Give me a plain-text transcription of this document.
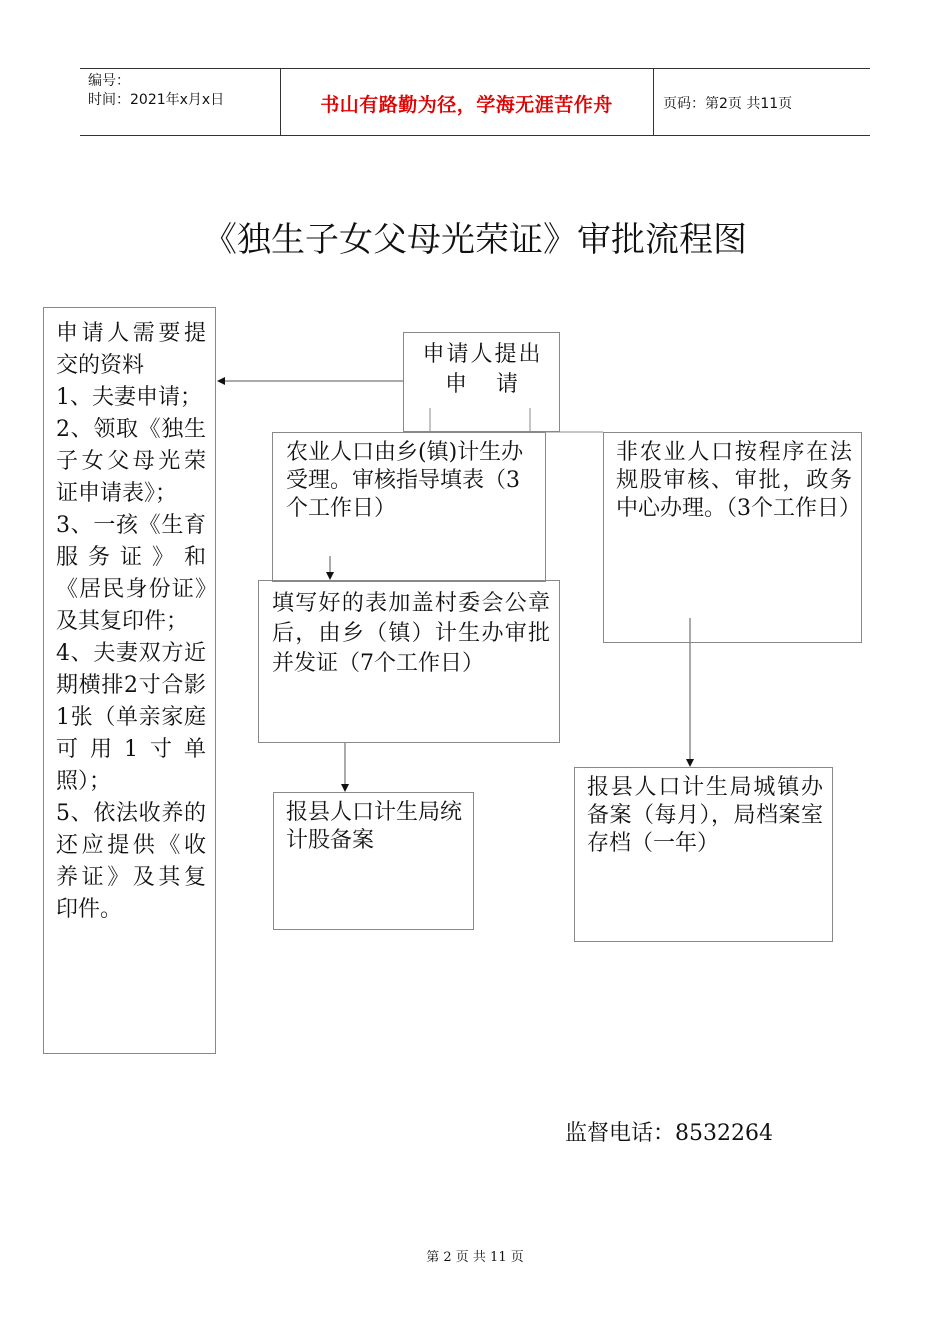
编号：
时间：2021年x月x日	书山有路勤为径，学海无涯苦作舟	页码：第2页 共11页
《独生子女父母光荣证》审批流程图
申请人需要提交的资料
1、夫妻申请；
2、领取《独生子女父母光荣证申请表》；
3、一孩《生育服务证》和《居民身份证》及其复印件；
4、夫妻双方近期横排2寸合影1张（单亲家庭可用1寸单照）；
5、依法收养的还应提供《收养证》及其复印件。
申请人提出
申   请
农业人口由乡(镇)计生办受理。审核指导填表（3个工作日）
填写好的表加盖村委会公章后，由乡（镇）计生办审批并发证（7个工作日）
报县人口计生局统计股备案
非农业人口按程序在法规股审核、审批，政务中心办理。（3个工作日）
报县人口计生局城镇办备案（每月），局档案室存档（一年）
监督电话：8532264
第 2 页 共 11 页
